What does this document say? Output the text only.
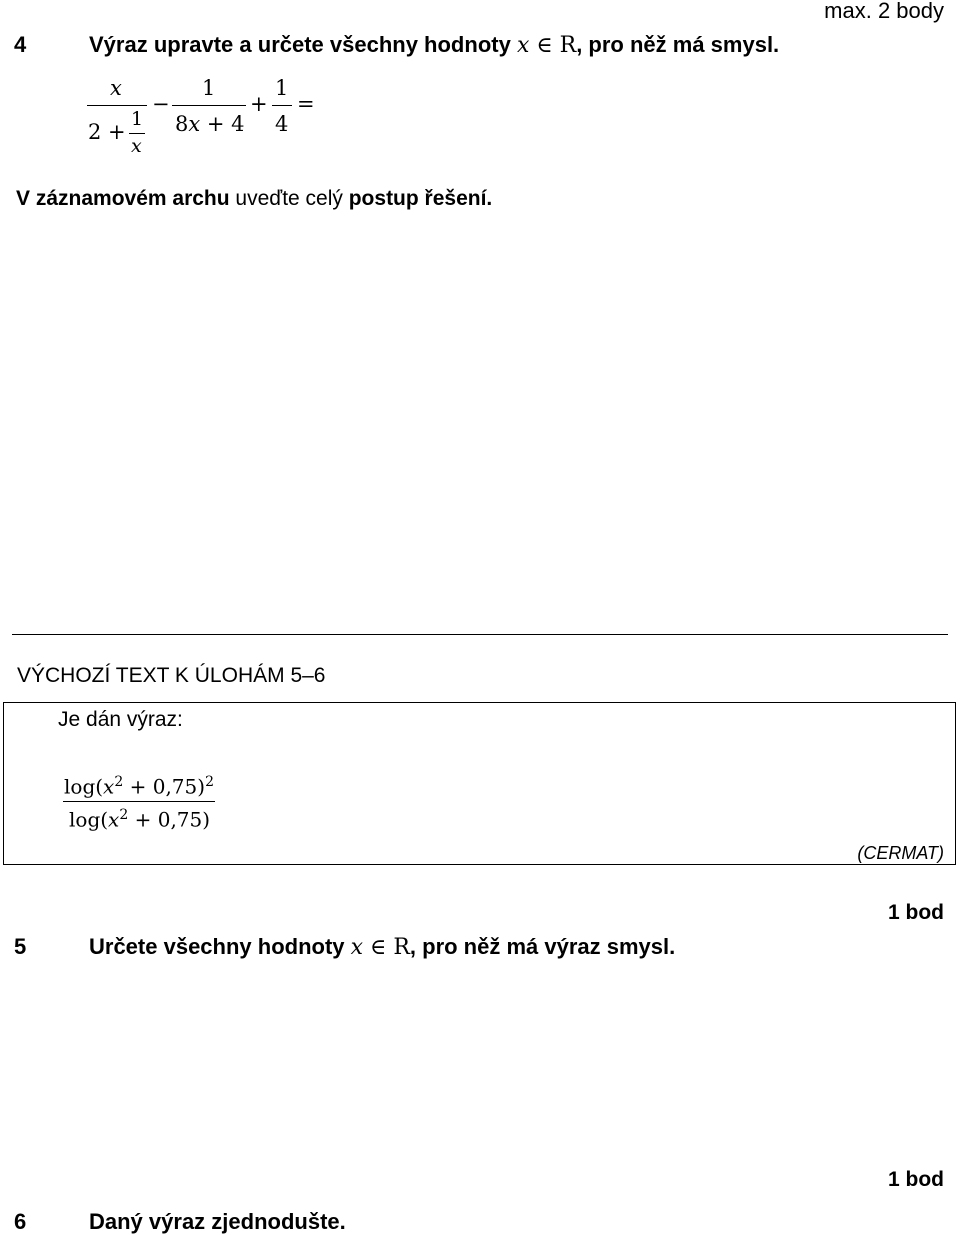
max. 2 body
4	Výraz upravte a určete všechny hodnoty x ∈ R, pro něž má smysl.
x
2 +
1
x
−
1
8x + 4
+
1
4
=
V záznamovém archu uveďte celý postup řešení.
VÝCHOZÍ TEXT K ÚLOHÁM 5–6
Je dán výraz:
$\log(x^2 + 0,75)^2$
$\log(x^2 + 0,75)$
(CERMAT)
1 bod
5	Určete všechny hodnoty x ∈ R, pro něž má výraz smysl.
1 bod
6	Daný výraz zjednodušte.
